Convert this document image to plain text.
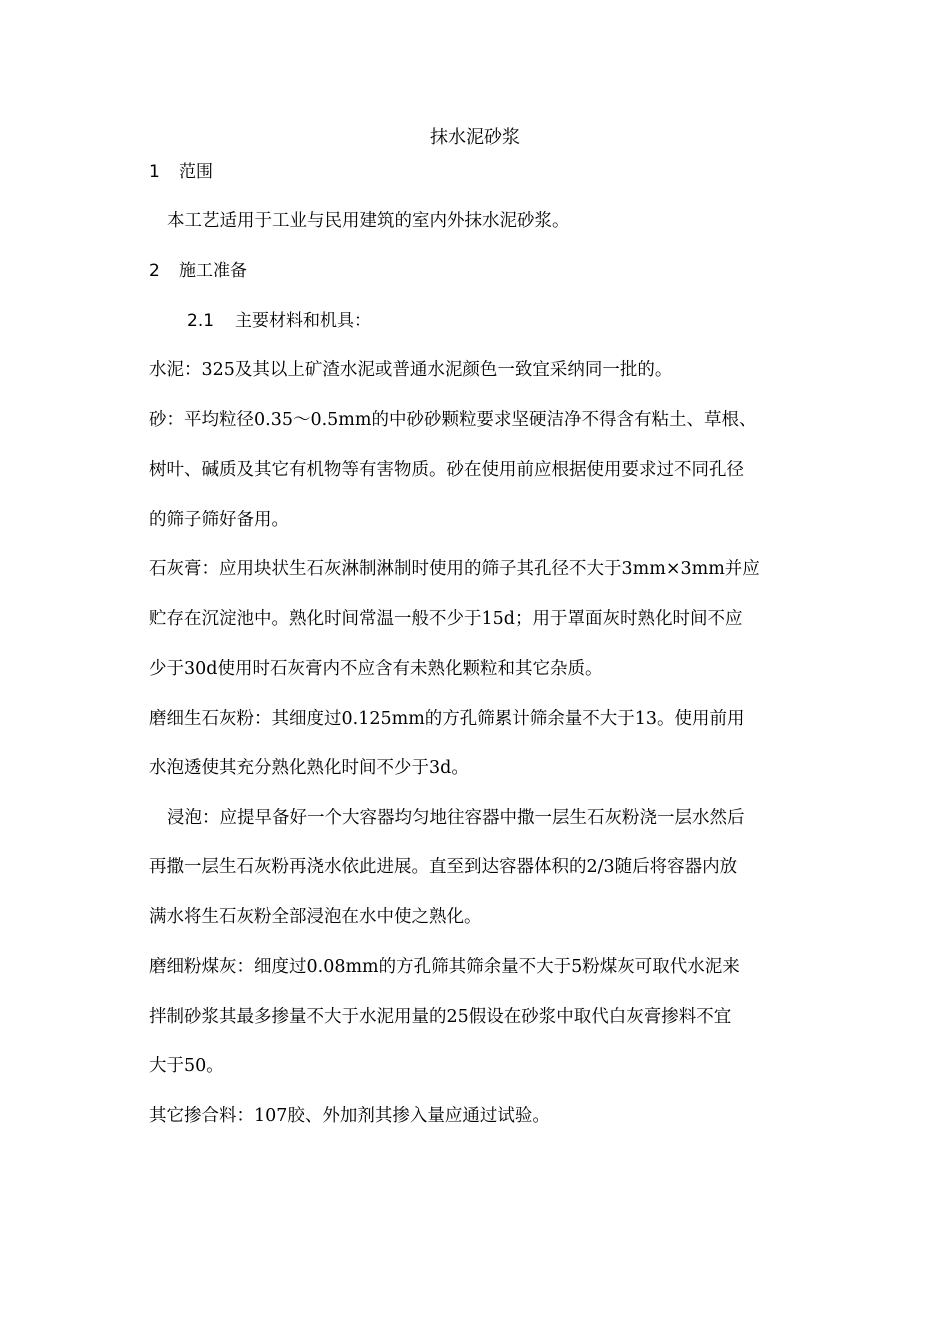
抹水泥砂浆
1 范围
本工艺适用于工业与民用建筑的室内外抹水泥砂浆。
2 施工准备
2.1 主要材料和机具：
水泥：325及其以上矿渣水泥或普通水泥颜色一致宜采纳同一批的。
砂：平均粒径0.35～0.5mm的中砂砂颗粒要求坚硬洁净不得含有粘土、草根、
树叶、碱质及其它有机物等有害物质。砂在使用前应根据使用要求过不同孔径
的筛子筛好备用。
石灰膏：应用块状生石灰淋制淋制时使用的筛子其孔径不大于3mm×3mm并应
贮存在沉淀池中。熟化时间常温一般不少于15d；用于罩面灰时熟化时间不应
少于30d使用时石灰膏内不应含有未熟化颗粒和其它杂质。
磨细生石灰粉：其细度过0.125mm的方孔筛累计筛余量不大于13。使用前用
水泡透使其充分熟化熟化时间不少于3d。
浸泡：应提早备好一个大容器均匀地往容器中撒一层生石灰粉浇一层水然后
再撒一层生石灰粉再浇水依此进展。直至到达容器体积的2/3随后将容器内放
满水将生石灰粉全部浸泡在水中使之熟化。
磨细粉煤灰：细度过0.08mm的方孔筛其筛余量不大于5粉煤灰可取代水泥来
拌制砂浆其最多掺量不大于水泥用量的25假设在砂浆中取代白灰膏掺料不宜
大于50。
其它掺合料：107胶、外加剂其掺入量应通过试验。
